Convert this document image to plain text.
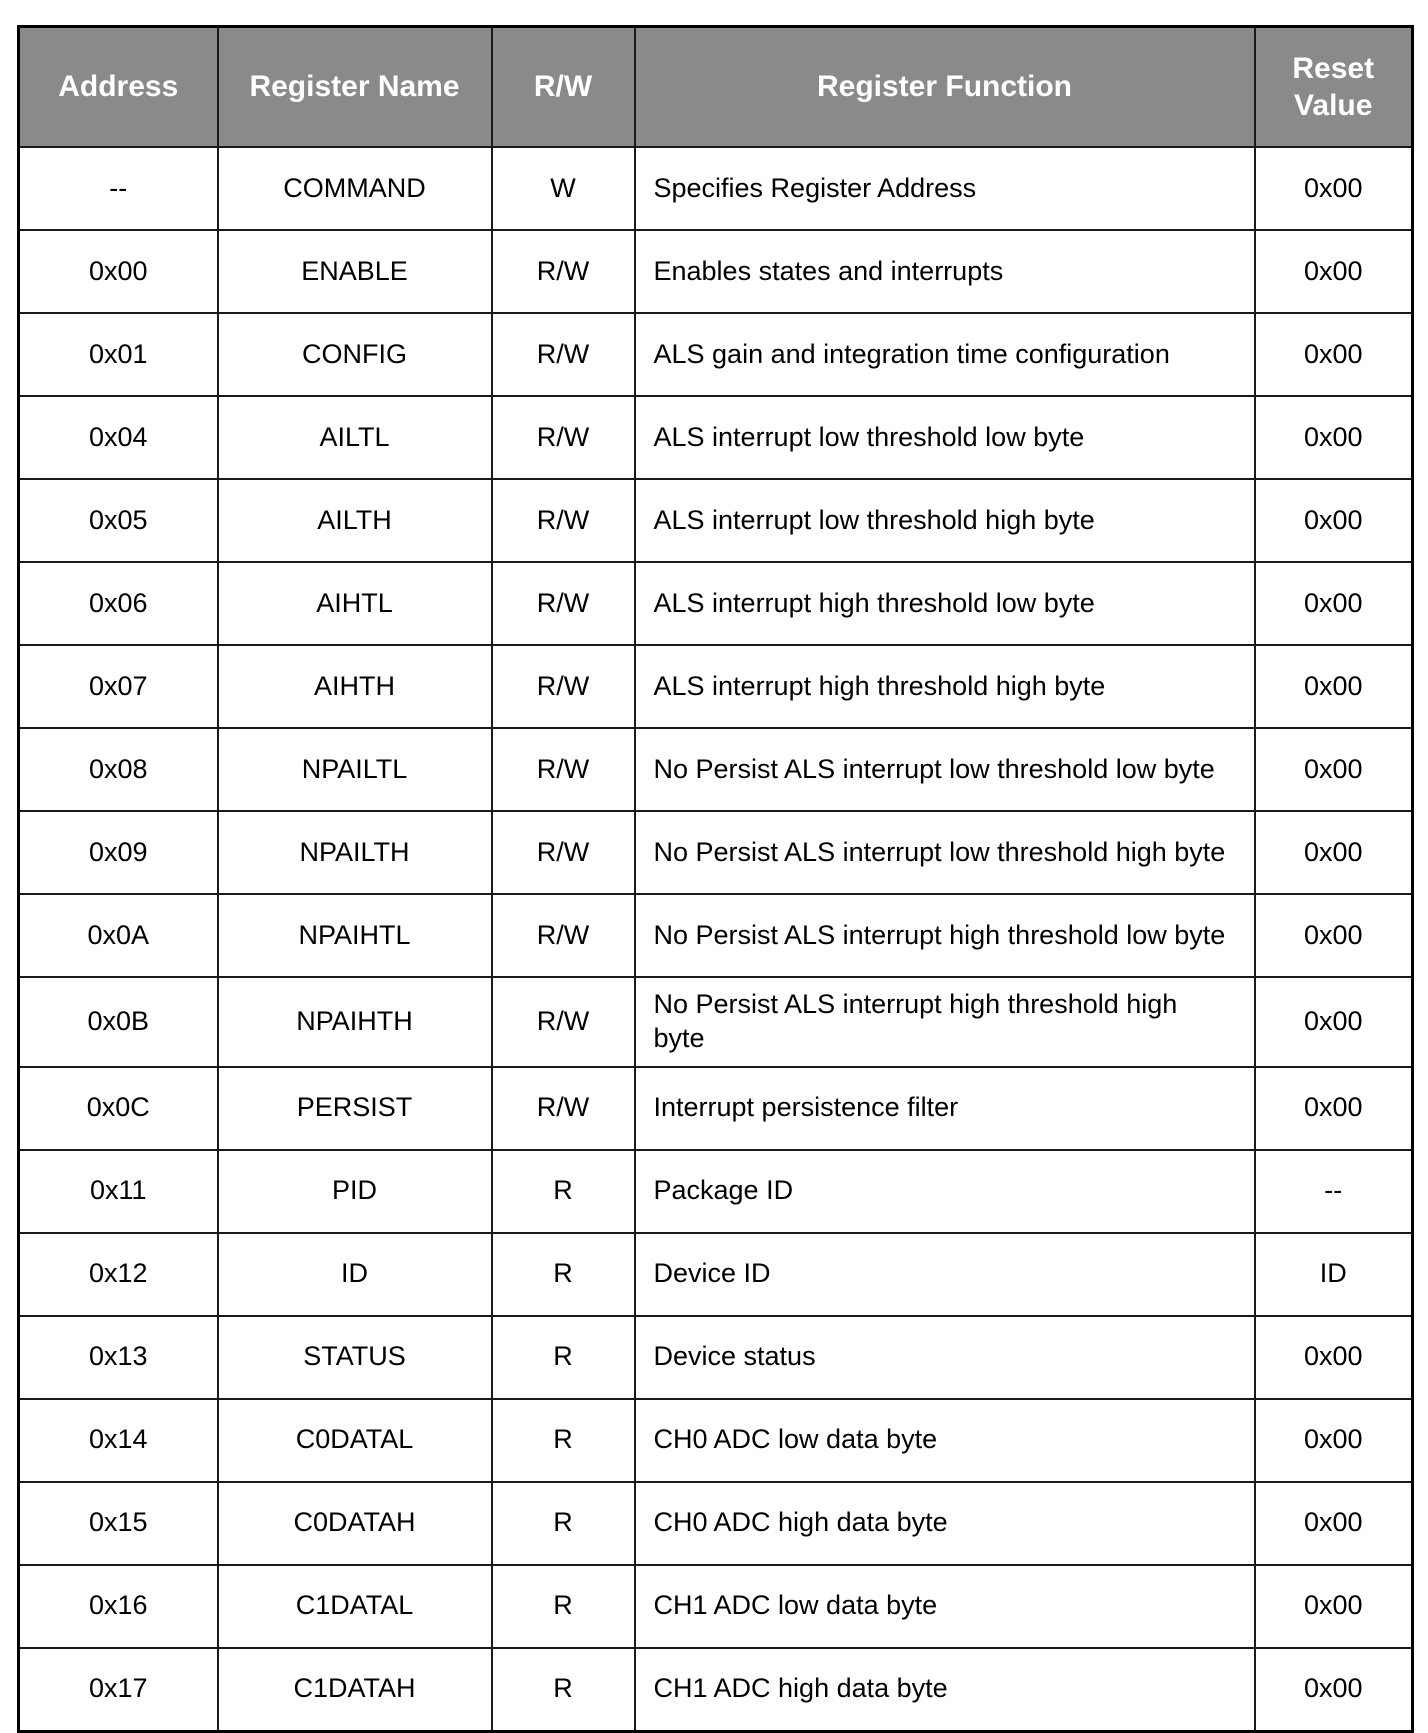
Address	Register Name	R/W	Register Function	Reset Value
--	COMMAND	W	Specifies Register Address	0x00
0x00	ENABLE	R/W	Enables states and interrupts	0x00
0x01	CONFIG	R/W	ALS gain and integration time configuration	0x00
0x04	AILTL	R/W	ALS interrupt low threshold low byte	0x00
0x05	AILTH	R/W	ALS interrupt low threshold high byte	0x00
0x06	AIHTL	R/W	ALS interrupt high threshold low byte	0x00
0x07	AIHTH	R/W	ALS interrupt high threshold high byte	0x00
0x08	NPAILTL	R/W	No Persist ALS interrupt low threshold low byte	0x00
0x09	NPAILTH	R/W	No Persist ALS interrupt low threshold high byte	0x00
0x0A	NPAIHTL	R/W	No Persist ALS interrupt high threshold low byte	0x00
0x0B	NPAIHTH	R/W	No Persist ALS interrupt high threshold high byte	0x00
0x0C	PERSIST	R/W	Interrupt persistence filter	0x00
0x11	PID	R	Package ID	--
0x12	ID	R	Device ID	ID
0x13	STATUS	R	Device status	0x00
0x14	C0DATAL	R	CH0 ADC low data byte	0x00
0x15	C0DATAH	R	CH0 ADC high data byte	0x00
0x16	C1DATAL	R	CH1 ADC low data byte	0x00
0x17	C1DATAH	R	CH1 ADC high data byte	0x00
